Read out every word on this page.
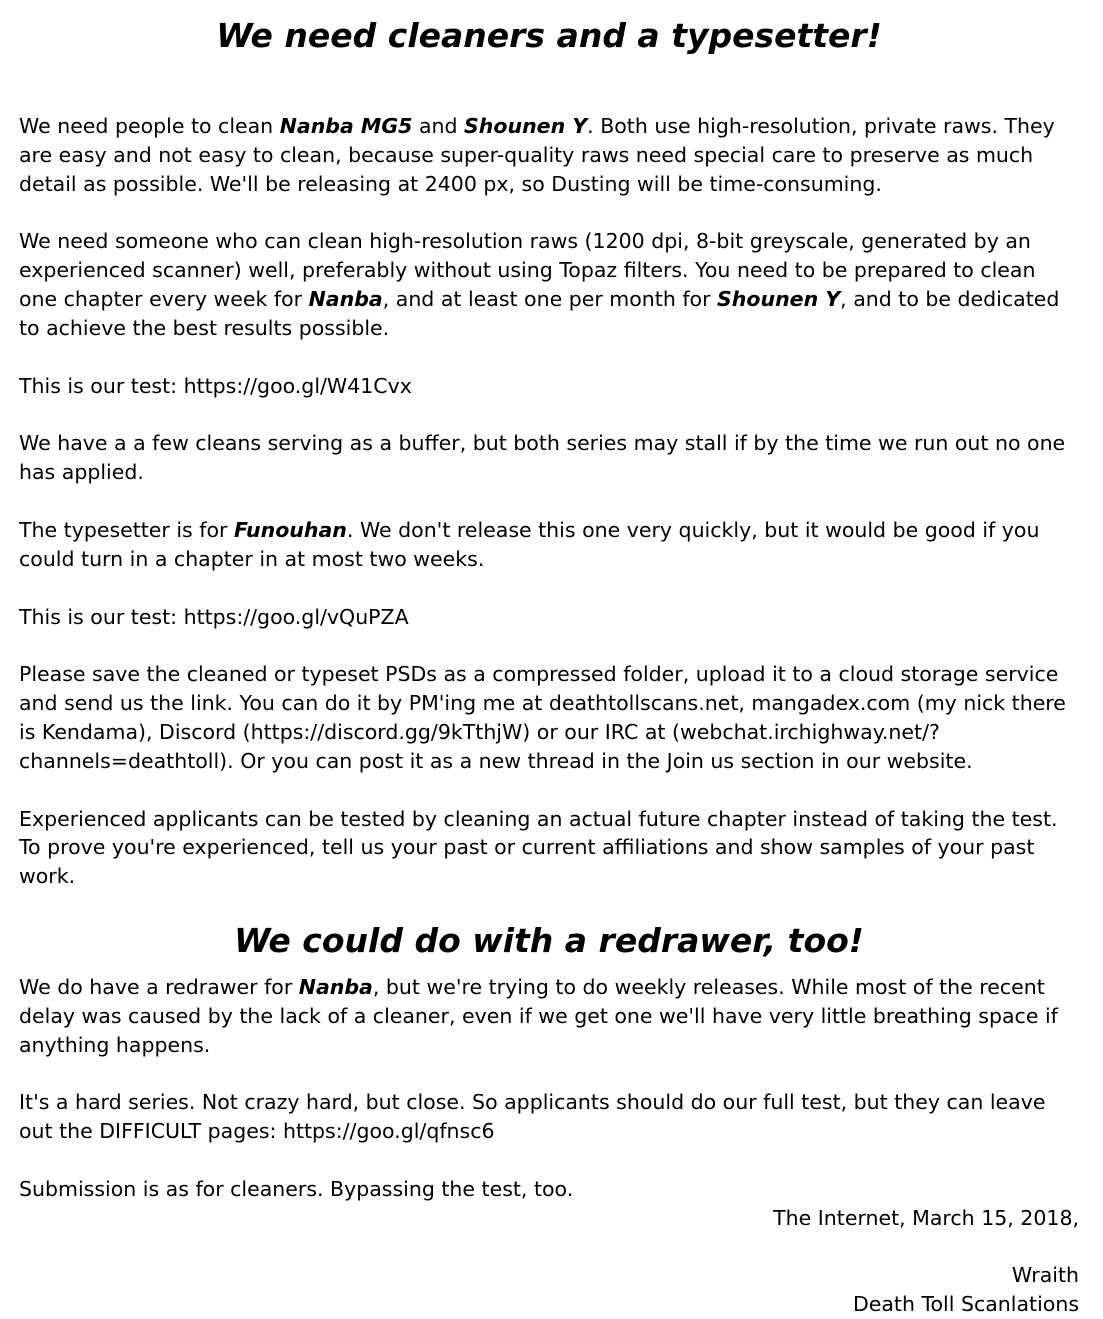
We need cleaners and a typesetter!

We need people to clean Nanba MG5 and Shounen Y. Both use high-resolution, private raws. They are easy and not easy to clean, because super-quality raws need special care to preserve as much detail as possible. We'll be releasing at 2400 px, so Dusting will be time-consuming.

We need someone who can clean high-resolution raws (1200 dpi, 8-bit greyscale, generated by an experienced scanner) well, preferably without using Topaz filters. You need to be prepared to clean one chapter every week for Nanba, and at least one per month for Shounen Y, and to be dedicated to achieve the best results possible.

This is our test: https://goo.gl/W41Cvx

We have a a few cleans serving as a buffer, but both series may stall if by the time we run out no one has applied.

The typesetter is for Funouhan. We don't release this one very quickly, but it would be good if you could turn in a chapter in at most two weeks.

This is our test: https://goo.gl/vQuPZA

Please save the cleaned or typeset PSDs as a compressed folder, upload it to a cloud storage service and send us the link. You can do it by PM'ing me at deathtollscans.net, mangadex.com (my nick there is Kendama), Discord (https://discord.gg/9kTthjW) or our IRC at (webchat.irchighway.net/?channels=deathtoll). Or you can post it as a new thread in the Join us section in our website.

Experienced applicants can be tested by cleaning an actual future chapter instead of taking the test. To prove you're experienced, tell us your past or current affiliations and show samples of your past work.

We could do with a redrawer, too!

We do have a redrawer for Nanba, but we're trying to do weekly releases. While most of the recent delay was caused by the lack of a cleaner, even if we get one we'll have very little breathing space if anything happens.

It's a hard series. Not crazy hard, but close. So applicants should do our full test, but they can leave out the DIFFICULT pages: https://goo.gl/qfnsc6

Submission is as for cleaners. Bypassing the test, too.

The Internet, March 15, 2018,
Wraith
Death Toll Scanlations
